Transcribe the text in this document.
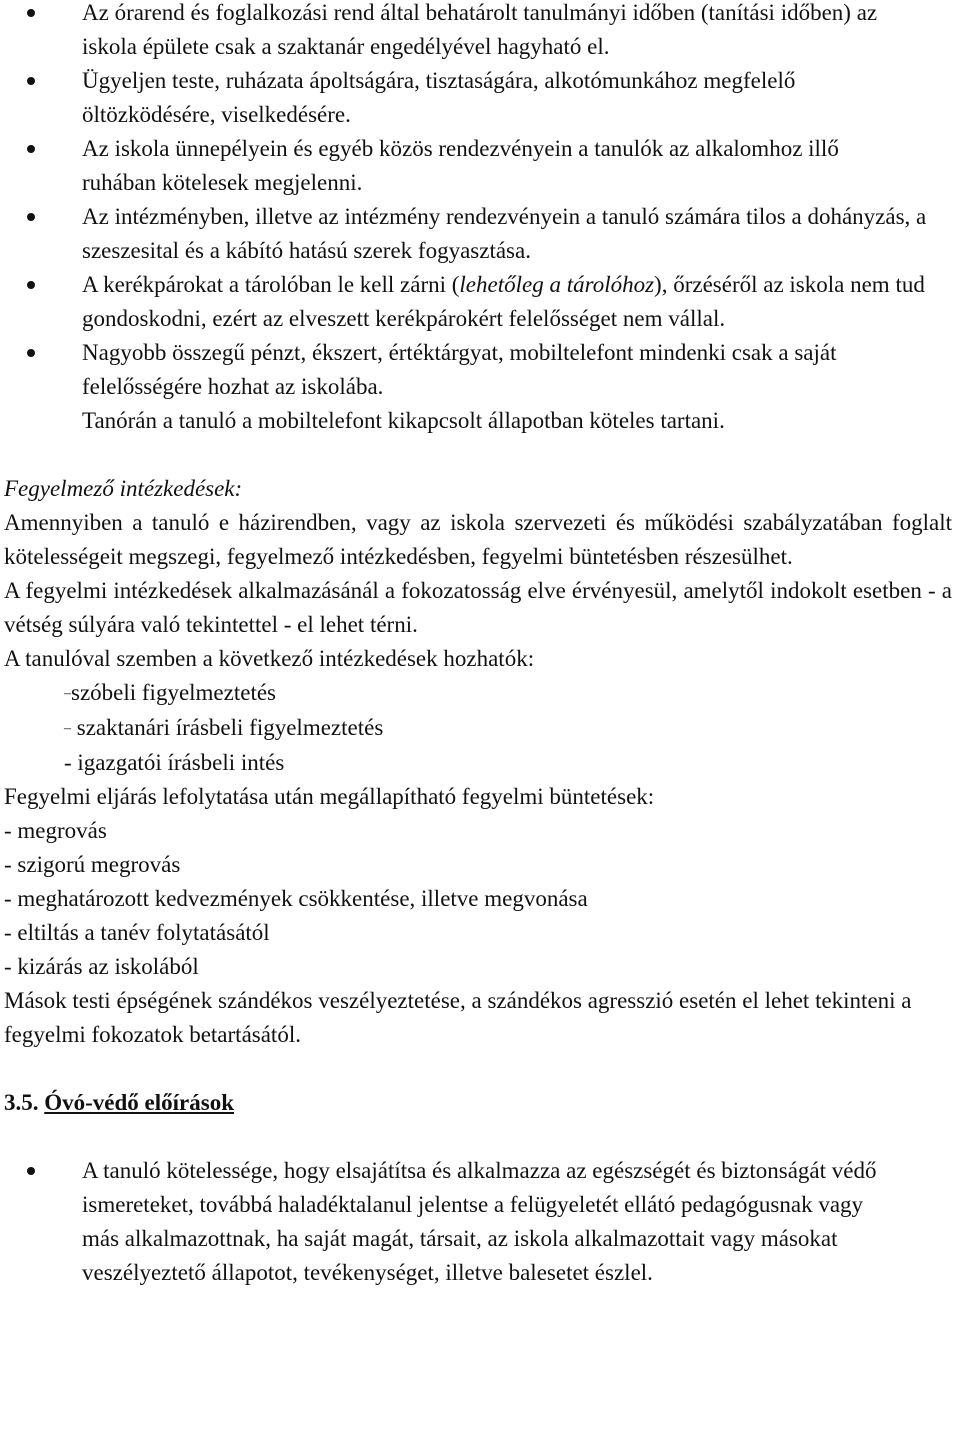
Az órarend és foglalkozási rend által behatárolt tanulmányi időben (tanítási időben) az iskola épülete csak a szaktanár engedélyével hagyható el.
Ügyeljen teste, ruházata ápoltságára, tisztaságára, alkotómunkához megfelelő öltözködésére, viselkedésére.
Az iskola ünnepélyein és egyéb közös rendezvényein a tanulók az alkalomhoz illő ruhában kötelesek megjelenni.
Az intézményben, illetve az intézmény rendezvényein a tanuló számára tilos a dohányzás, a szeszesital és a kábító hatású szerek fogyasztása.
A kerékpárokat a tárolóban le kell zárni (lehetőleg a tárolóhoz), őrzéséről az iskola nem tud gondoskodni, ezért az elveszett kerékpárokért felelősséget nem vállal.
Nagyobb összegű pénzt, ékszert, értéktárgyat, mobiltelefont mindenki csak a saját felelősségére hozhat az iskolába.

Tanórán a tanuló a mobiltelefont kikapcsolt állapotban köteles tartani.

Fegyelmező intézkedések:

Amennyiben a tanuló e házirendben, vagy az iskola szervezeti és működési szabályzatában foglalt kötelességeit megszegi, fegyelmező intézkedésben, fegyelmi büntetésben részesülhet.

A fegyelmi intézkedések alkalmazásánál a fokozatosság elve érvényesül, amelytől indokolt esetben - a vétség súlyára való tekintettel - el lehet térni.

A tanulóval szemben a következő intézkedések hozhatók:

–szóbeli figyelmeztetés
– szaktanári írásbeli figyelmeztetés
- igazgatói írásbeli intés

Fegyelmi eljárás lefolytatása után megállapítható fegyelmi büntetések:

- megrovás
- szigorú megrovás
- meghatározott kedvezmények csökkentése, illetve megvonása
- eltiltás a tanév folytatásától
- kizárás az iskolából

Mások testi épségének szándékos veszélyeztetése, a szándékos agresszió esetén el lehet tekinteni a fegyelmi fokozatok betartásától.

3.5. Óvó-védő előírások

A tanuló kötelessége, hogy elsajátítsa és alkalmazza az egészségét és biztonságát védő ismereteket, továbbá haladéktalanul jelentse a felügyeletét ellátó pedagógusnak vagy más alkalmazottnak, ha saját magát, társait, az iskola alkalmazottait vagy másokat veszélyeztető állapotot, tevékenységet, illetve balesetet észlel.
